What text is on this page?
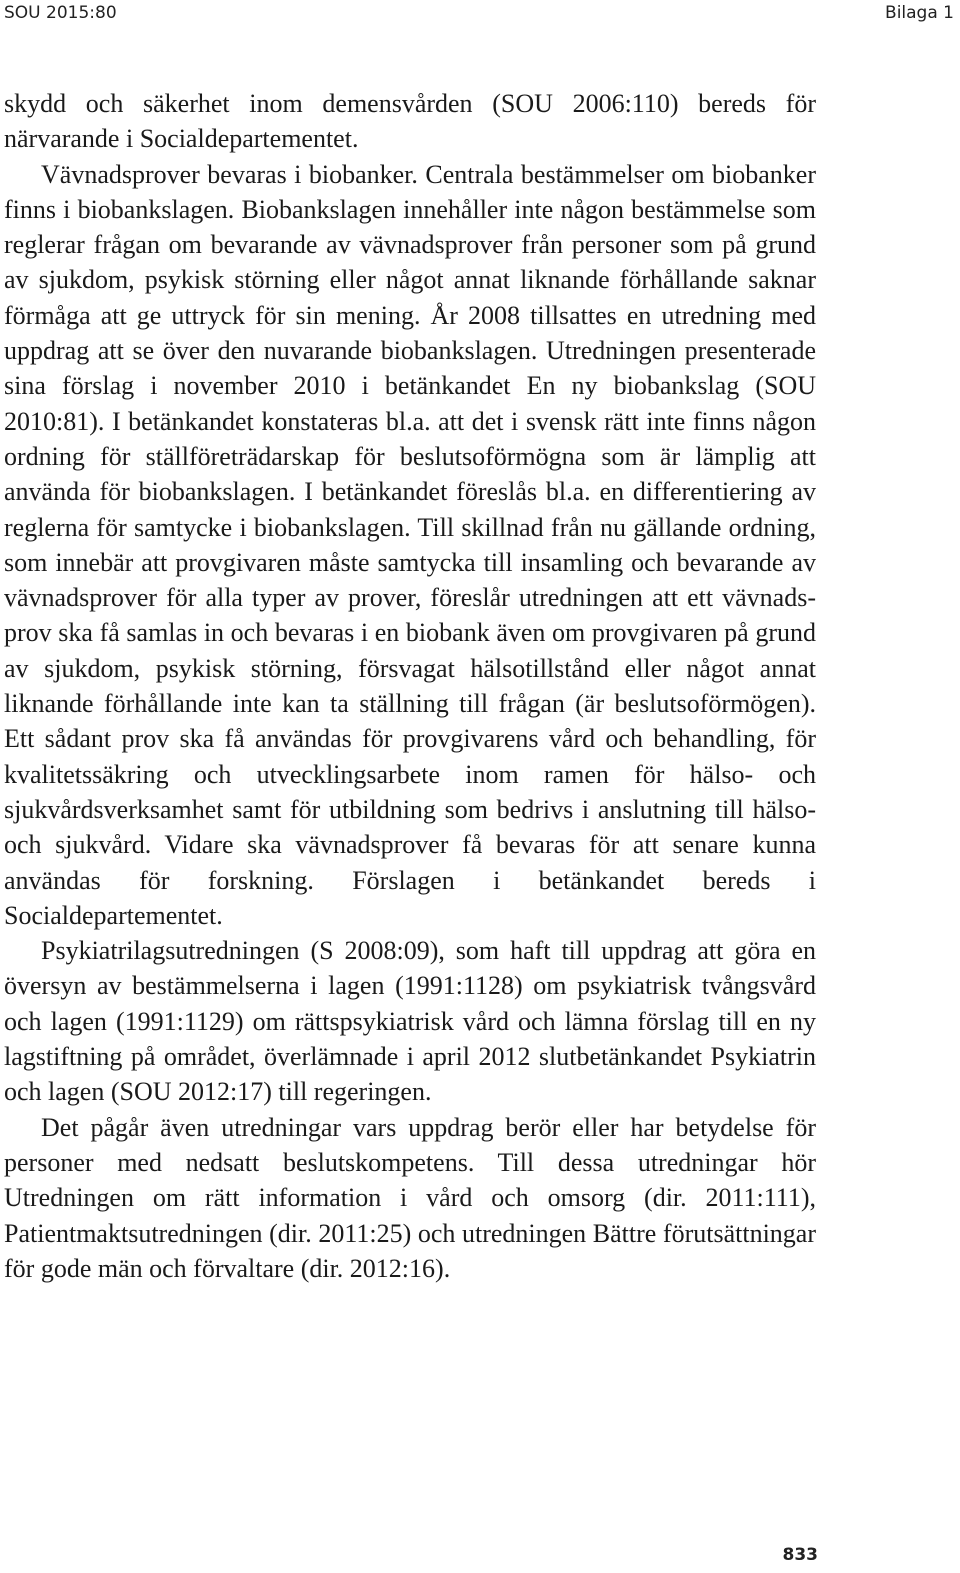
SOU 2015:80	Bilaga 1

skydd och säkerhet inom demensvården (SOU 2006:110) bereds för närvarande i Socialdepartementet.

Vävnadsprover bevaras i biobanker. Centrala bestämmelser om biobanker finns i biobankslagen. Biobankslagen innehåller inte någon bestämmelse som reglerar frågan om bevarande av vävnadsprover från personer som på grund av sjukdom, psykisk störning eller något annat liknande förhållande saknar förmåga att ge uttryck för sin mening. År 2008 tillsattes en utredning med uppdrag att se över den nuvarande biobankslagen. Utredningen presenterade sina förslag i november 2010 i betänkandet En ny biobankslag (SOU 2010:81). I betänkandet konstateras bl.a. att det i svensk rätt inte finns någon ordning för ställföreträdarskap för beslutsoförmögna som är lämplig att använda för biobankslagen. I betänkandet föreslås bl.a. en differentiering av reglerna för samtycke i biobankslagen. Till skillnad från nu gällande ordning, som innebär att provgivaren måste samtycka till insamling och bevarande av vävnadsprover för alla typer av prover, föreslår utredningen att ett vävnadsprov ska få samlas in och bevaras i en biobank även om provgivaren på grund av sjukdom, psykisk störning, försvagat hälsotillstånd eller något annat liknande förhållande inte kan ta ställning till frågan (är beslutsoförmögen). Ett sådant prov ska få användas för provgivarens vård och behandling, för kvalitetssäkring och utvecklingsarbete inom ramen för hälso- och sjukvårdsverksamhet samt för utbildning som bedrivs i anslutning till hälso- och sjukvård. Vidare ska vävnadsprover få bevaras för att senare kunna användas för forskning. Förslagen i betänkandet bereds i Socialdepartementet.

Psykiatrilagsutredningen (S 2008:09), som haft till uppdrag att göra en översyn av bestämmelserna i lagen (1991:1128) om psykiatrisk tvångsvård och lagen (1991:1129) om rättspsykiatrisk vård och lämna förslag till en ny lagstiftning på området, överlämnade i april 2012 slutbetänkandet Psykiatrin och lagen (SOU 2012:17) till regeringen.

Det pågår även utredningar vars uppdrag berör eller har betydelse för personer med nedsatt beslutskompetens. Till dessa utredningar hör Utredningen om rätt information i vård och omsorg (dir. 2011:111), Patientmaktsutredningen (dir. 2011:25) och utredningen Bättre förutsättningar för gode män och förvaltare (dir. 2012:16).

833
